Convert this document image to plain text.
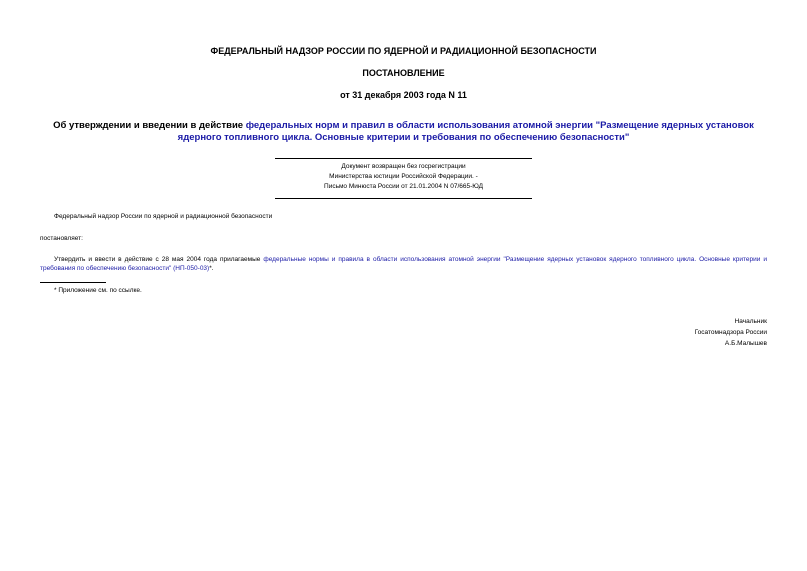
ФЕДЕРАЛЬНЫЙ НАДЗОР РОССИИ ПО ЯДЕРНОЙ И РАДИАЦИОННОЙ БЕЗОПАСНОСТИ
ПОСТАНОВЛЕНИЕ
от 31 декабря 2003 года N 11
Об утверждении и введении в действие федеральных норм и правил в области использования атомной энергии "Размещение ядерных установок ядерного топливного цикла. Основные критерии и требования по обеспечению безопасности"
Документ возвращен без госрегистрации
Министерства юстиции Российской Федерации. -
Письмо Минюста России от 21.01.2004 N 07/665-ЮД
Федеральный надзор России по ядерной и радиационной безопасности
постановляет:
Утвердить и ввести в действие с 28 мая 2004 года прилагаемые федеральные нормы и правила в области использования атомной энергии "Размещение ядерных установок ядерного топливного цикла. Основные критерии и требования по обеспечению безопасности" (НП-050-03)*.
* Приложение см. по ссылке.
Начальник
Госатомнадзора России
А.Б.Малышев
